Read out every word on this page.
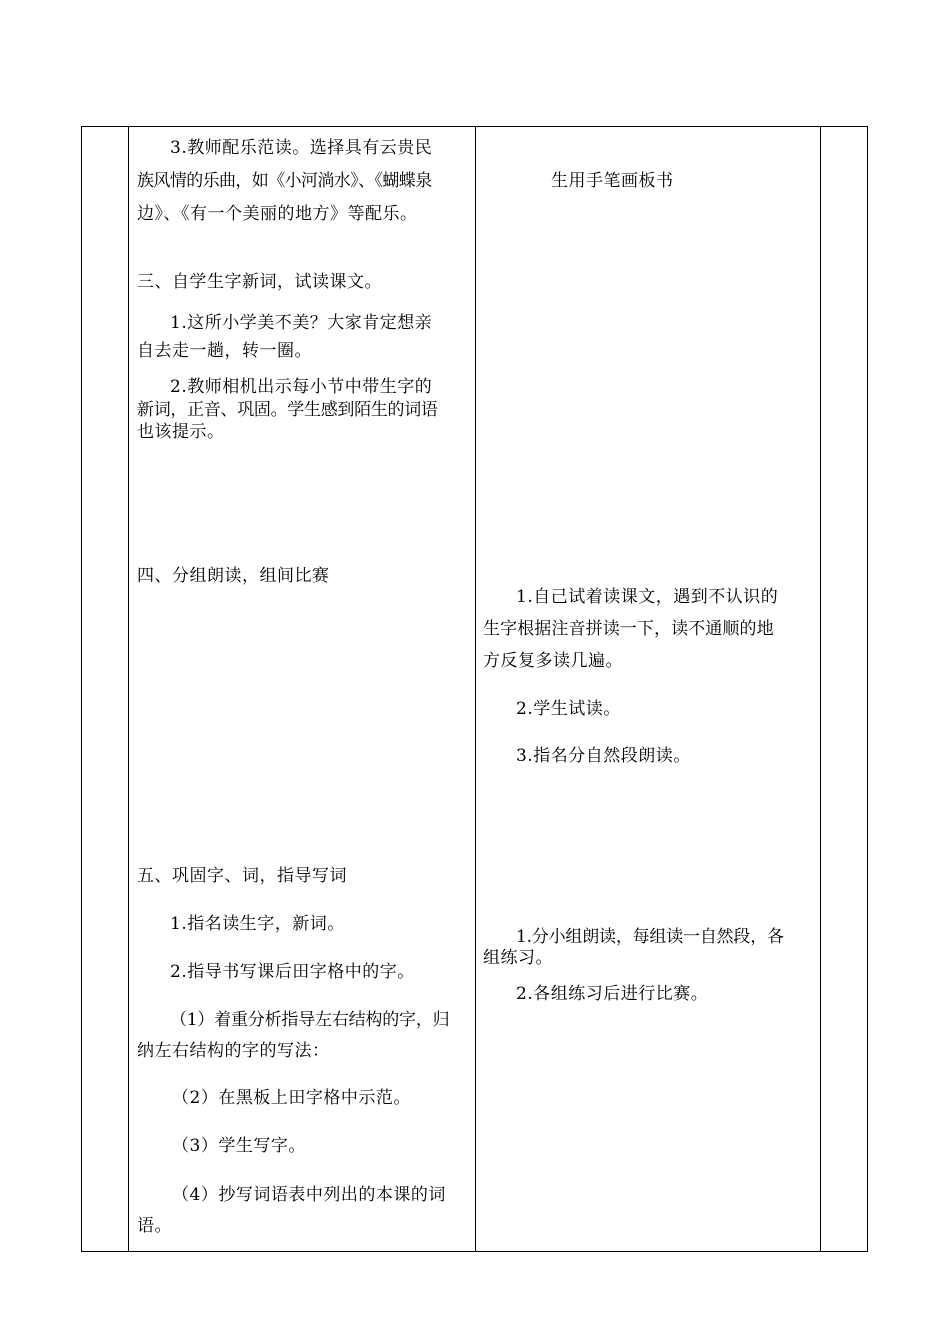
3.教师配乐范读。选择具有云贵民
族风情的乐曲，如《小河淌水》、《蝴蝶泉
边》、《有一个美丽的地方》等配乐。
三、自学生字新词，试读课文。
1.这所小学美不美？大家肯定想亲
自去走一趟，转一圈。
2.教师相机出示每小节中带生字的
新词，正音、巩固。学生感到陌生的词语
也该提示。
四、分组朗读，组间比赛
五、巩固字、词，指导写词
1.指名读生字，新词。
2.指导书写课后田字格中的字。
（1）着重分析指导左右结构的字，归
纳左右结构的字的写法：
（2）在黑板上田字格中示范。
（3）学生写字。
（4）抄写词语表中列出的本课的词
语。
生用手笔画板书
1.自己试着读课文，遇到不认识的
生字根据注音拼读一下，读不通顺的地
方反复多读几遍。
2.学生试读。
3.指名分自然段朗读。
1.分小组朗读，每组读一自然段，各
组练习。
2.各组练习后进行比赛。
